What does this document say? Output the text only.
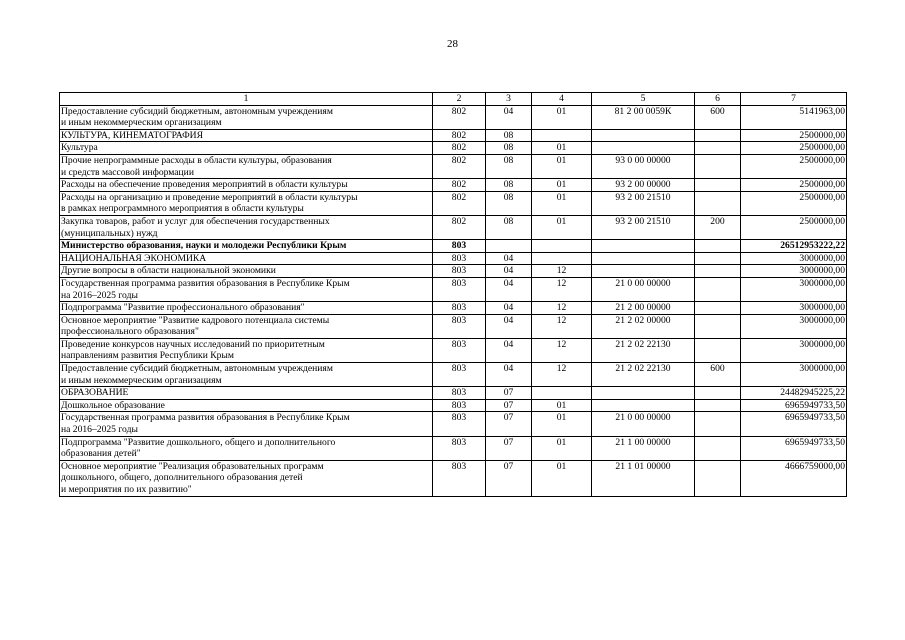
28
1	2	3	4	5	6	7
Предоставление субсидий бюджетным, автономным учреждениям
и иным некоммерческим организациям	802	04	01	81 2 00 0059К	600	5141963,00
КУЛЬТУРА, КИНЕМАТОГРАФИЯ	802	08				2500000,00
Культура	802	08	01			2500000,00
Прочие непрограммные расходы в области культуры, образования
и средств массовой информации	802	08	01	93 0 00 00000		2500000,00
Расходы на обеспечение проведения мероприятий в области культуры	802	08	01	93 2 00 00000		2500000,00
Расходы на организацию и проведение мероприятий в области культуры
в рамках непрограммного мероприятия в области культуры	802	08	01	93 2 00 21510		2500000,00
Закупка товаров, работ и услуг для обеспечения государственных
(муниципальных) нужд	802	08	01	93 2 00 21510	200	2500000,00
Министерство образования, науки и молодежи Республики Крым	803					26512953222,22
НАЦИОНАЛЬНАЯ ЭКОНОМИКА	803	04				3000000,00
Другие вопросы в области национальной экономики	803	04	12			3000000,00
Государственная программа развития образования в Республике Крым
на 2016–2025 годы	803	04	12	21 0 00 00000		3000000,00
Подпрограмма "Развитие профессионального образования"	803	04	12	21 2 00 00000		3000000,00
Основное мероприятие "Развитие кадрового потенциала системы
профессионального образования"	803	04	12	21 2 02 00000		3000000,00
Проведение конкурсов научных исследований по приоритетным
направлениям развития Республики Крым	803	04	12	21 2 02 22130		3000000,00
Предоставление субсидий бюджетным, автономным учреждениям
и иным некоммерческим организациям	803	04	12	21 2 02 22130	600	3000000,00
ОБРАЗОВАНИЕ	803	07				24482945225,22
Дошкольное образование	803	07	01			6965949733,50
Государственная программа развития образования в Республике Крым
на 2016–2025 годы	803	07	01	21 0 00 00000		6965949733,50
Подпрограмма "Развитие дошкольного, общего и дополнительного
образования детей"	803	07	01	21 1 00 00000		6965949733,50
Основное мероприятие "Реализация образовательных программ
дошкольного, общего, дополнительного образования детей
и мероприятия по их развитию"	803	07	01	21 1 01 00000		4666759000,00
